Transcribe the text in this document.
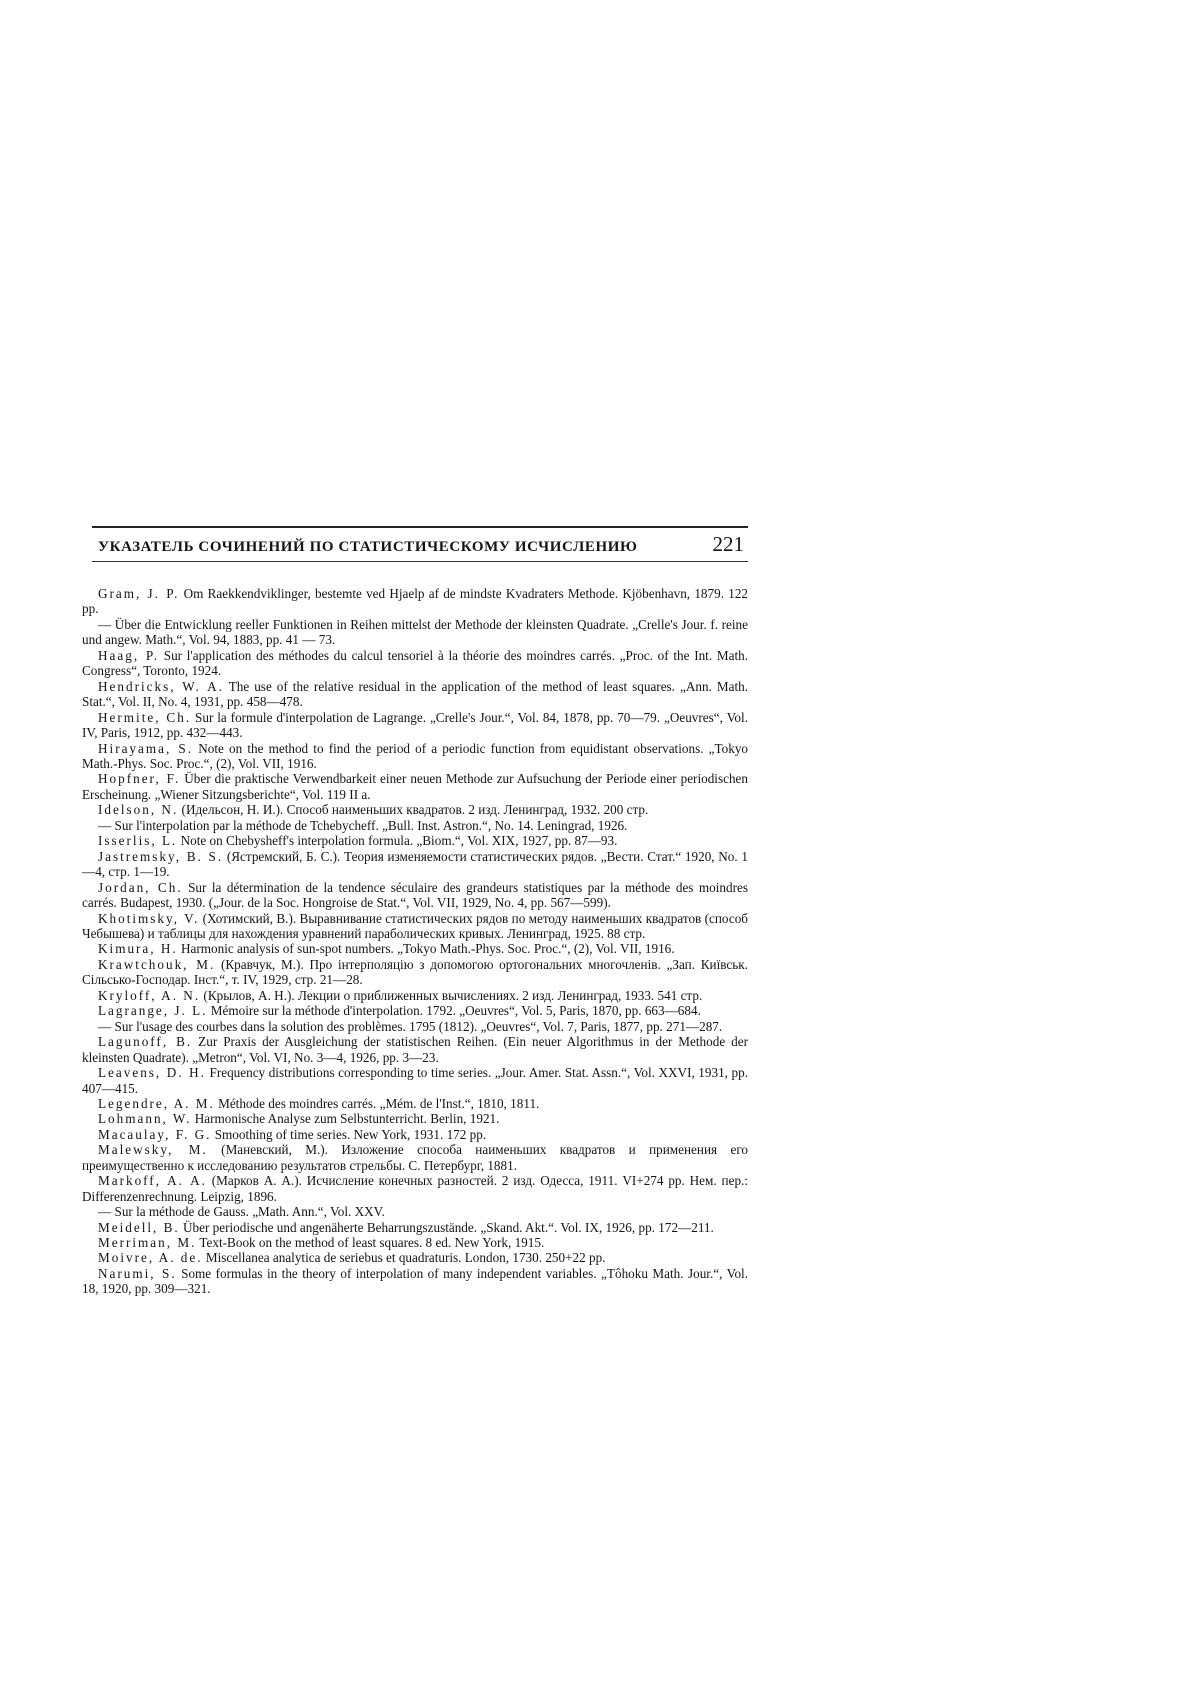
УКАЗАТЕЛЬ СОЧИНЕНИЙ ПО СТАТИСТИЧЕСКОМУ ИСЧИСЛЕНИЮ	221

Gram, J. P. Om Raekkendviklinger, bestemte ved Hjaelp af de mindste Kvadraters Methode. Kjöbenhavn, 1879. 122 pp.

— Über die Entwicklung reeller Funktionen in Reihen mittelst der Methode der kleinsten Quadrate. „Crelle's Jour. f. reine und angew. Math.“, Vol. 94, 1883, pp. 41 — 73.

Haag, P. Sur l'application des méthodes du calcul tensoriel à la théorie des moindres carrés. „Proc. of the Int. Math. Congress“, Toronto, 1924.

Hendricks, W. A. The use of the relative residual in the application of the method of least squares. „Ann. Math. Stat.“, Vol. II, No. 4, 1931, pp. 458—478.

Hermite, Ch. Sur la formule d'interpolation de Lagrange. „Crelle's Jour.“, Vol. 84, 1878, pp. 70—79. „Oeuvres“, Vol. IV, Paris, 1912, pp. 432—443.

Hirayama, S. Note on the method to find the period of a periodic function from equidistant observations. „Tokyo Math.-Phys. Soc. Proc.“, (2), Vol. VII, 1916.

Hopfner, F. Über die praktische Verwendbarkeit einer neuen Methode zur Aufsuchung der Periode einer periodischen Erscheinung. „Wiener Sitzungsberichte“, Vol. 119 II a.

Idelson, N. (Идельсон, Н. И.). Способ наименьших квадратов. 2 изд. Ленинград, 1932. 200 стр.

— Sur l'interpolation par la méthode de Tchebycheff. „Bull. Inst. Astron.“, No. 14. Leningrad, 1926.

Isserlis, L. Note on Chebysheff's interpolation formula. „Biom.“, Vol. XIX, 1927, pp. 87—93.

Jastremsky, B. S. (Ястремский, Б. С.). Теория изменяемости статистических рядов. „Вести. Стат.“ 1920, No. 1—4, стр. 1—19.

Jordan, Ch. Sur la détermination de la tendence séculaire des grandeurs statistiques par la méthode des moindres carrés. Budapest, 1930. („Jour. de la Soc. Hongroise de Stat.“, Vol. VII, 1929, No. 4, pp. 567—599).

Khotimsky, V. (Хотимский, В.). Выравнивание статистических рядов по методу наименьших квадратов (способ Чебышева) и таблицы для нахождения уравнений параболических кривых. Ленинград, 1925. 88 стр.

Kimura, H. Harmonic analysis of sun-spot numbers. „Tokyo Math.-Phys. Soc. Proc.“, (2), Vol. VII, 1916.

Krawtchouk, M. (Кравчук, М.). Про інтерполяцію з допомогою ортогональних многочленів. „Зап. Київськ. Сільсько-Господар. Інст.“, т. IV, 1929, стр. 21—28.

Kryloff, A. N. (Крылов, А. Н.). Лекции о приближенных вычислениях. 2 изд. Ленинград, 1933. 541 стр.

Lagrange, J. L. Mémoire sur la méthode d'interpolation. 1792. „Oeuvres“, Vol. 5, Paris, 1870, pp. 663—684.

— Sur l'usage des courbes dans la solution des problèmes. 1795 (1812). „Oeuvres“, Vol. 7, Paris, 1877, pp. 271—287.

Lagunoff, B. Zur Praxis der Ausgleichung der statistischen Reihen. (Ein neuer Algorithmus in der Methode der kleinsten Quadrate). „Metron“, Vol. VI, No. 3—4, 1926, pp. 3—23.

Leavens, D. H. Frequency distributions corresponding to time series. „Jour. Amer. Stat. Assn.“, Vol. XXVI, 1931, pp. 407—415.

Legendre, A. M. Méthode des moindres carrés. „Mém. de l'Inst.“, 1810, 1811.

Lohmann, W. Harmonische Analyse zum Selbstunterricht. Berlin, 1921.

Macaulay, F. G. Smoothing of time series. New York, 1931. 172 pp.

Malewsky, M. (Маневский, М.). Изложение способа наименьших квадратов и применения его преимущественно к исследованию результатов стрельбы. С. Петербург, 1881.

Markoff, A. A. (Марков А. А.). Исчисление конечных разностей. 2 изд. Одесса, 1911. VI+274 pp. Нем. пер.: Differenzenrechnung. Leipzig, 1896.

— Sur la méthode de Gauss. „Math. Ann.“, Vol. XXV.

Meidell, B. Über periodische und angenäherte Beharrungszustände. „Skand. Akt.“. Vol. IX, 1926, pp. 172—211.

Merriman, M. Text-Book on the method of least squares. 8 ed. New York, 1915.

Moivre, A. de. Miscellanea analytica de seriebus et quadraturis. London, 1730. 250+22 pp.

Narumi, S. Some formulas in the theory of interpolation of many independent variables. „Tôhoku Math. Jour.“, Vol. 18, 1920, pp. 309—321.
